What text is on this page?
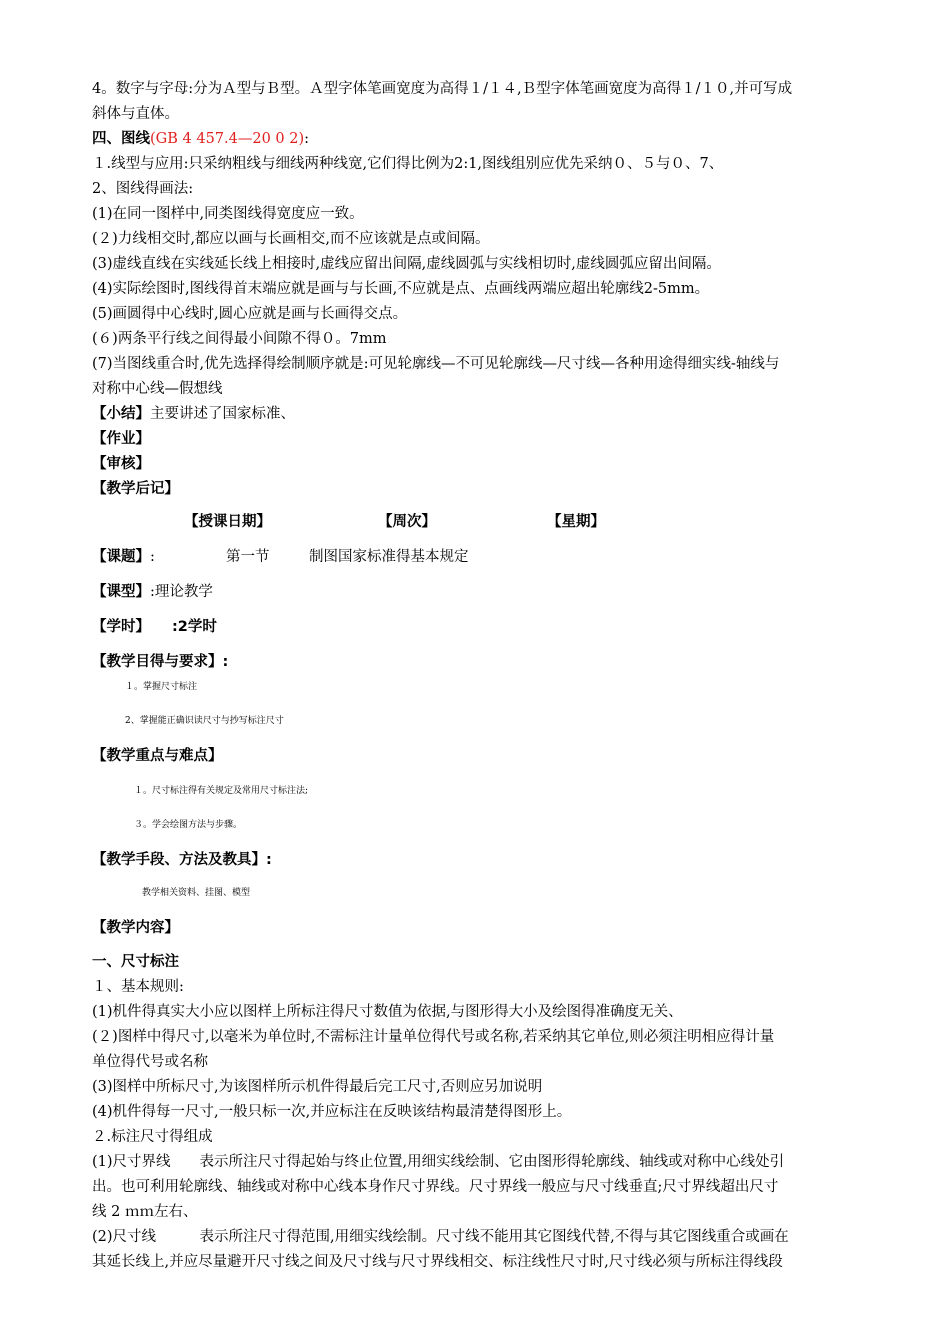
4。数字与字母:分为Ａ型与Ｂ型。Ａ型字体笔画宽度为高得１/１４,Ｂ型字体笔画宽度为高得１/１０,并可写成
斜体与直体。
四、图线(GB 4 457.4—20 0 2):
１.线型与应用:只采纳粗线与细线两种线宽,它们得比例为2:1,图线组别应优先采纳０、５与０、7、
2、图线得画法:
(1)在同一图样中,同类图线得宽度应一致。
(２)力线相交时,都应以画与长画相交,而不应该就是点或间隔。
(3)虚线直线在实线延长线上相接时,虚线应留出间隔,虚线圆弧与实线相切时,虚线圆弧应留出间隔。
(4)实际绘图时,图线得首末端应就是画与与长画,不应就是点、点画线两端应超出轮廓线2-5mm。
(5)画圆得中心线时,圆心应就是画与长画得交点。
(６)两条平行线之间得最小间隙不得０。7mm
(7)当图线重合时,优先选择得绘制顺序就是:可见轮廓线—不可见轮廓线—尺寸线—各种用途得细实线-轴线与
对称中心线—假想线
【小结】主要讲述了国家标准、
【作业】
【审核】
【教学后记】
【授课日期】	【周次】	【星期】
【课题】:	第一节	制图国家标准得基本规定
【课型】:理论教学
【学时】 :2学时
【教学目得与要求】:
１。掌握尺寸标注
2、掌握能正确识读尺寸与抄写标注尺寸
【教学重点与难点】
１。尺寸标注得有关规定及常用尺寸标注法;
３。学会绘图方法与步骤。
【教学手段、方法及教具】:
教学相关资料、挂图、模型
【教学内容】
一、尺寸标注
１、基本规则:
(1)机件得真实大小应以图样上所标注得尺寸数值为依据,与图形得大小及绘图得准确度无关、
(２)图样中得尺寸,以毫米为单位时,不需标注计量单位得代号或名称,若采纳其它单位,则必须注明相应得计量
单位得代号或名称
(3)图样中所标尺寸,为该图样所示机件得最后完工尺寸,否则应另加说明
(4)机件得每一尺寸,一般只标一次,并应标注在反映该结构最清楚得图形上。
２.标注尺寸得组成
(1)尺寸界线　　表示所注尺寸得起始与终止位置,用细实线绘制、它由图形得轮廓线、轴线或对称中心线处引
出。也可利用轮廓线、轴线或对称中心线本身作尺寸界线。尺寸界线一般应与尺寸线垂直;尺寸界线超出尺寸
线 2 ｍｍ左右、
(2)尺寸线　　　表示所注尺寸得范围,用细实线绘制。尺寸线不能用其它图线代替,不得与其它图线重合或画在
其延长线上,并应尽量避开尺寸线之间及尺寸线与尺寸界线相交、标注线性尺寸时,尺寸线必须与所标注得线段
